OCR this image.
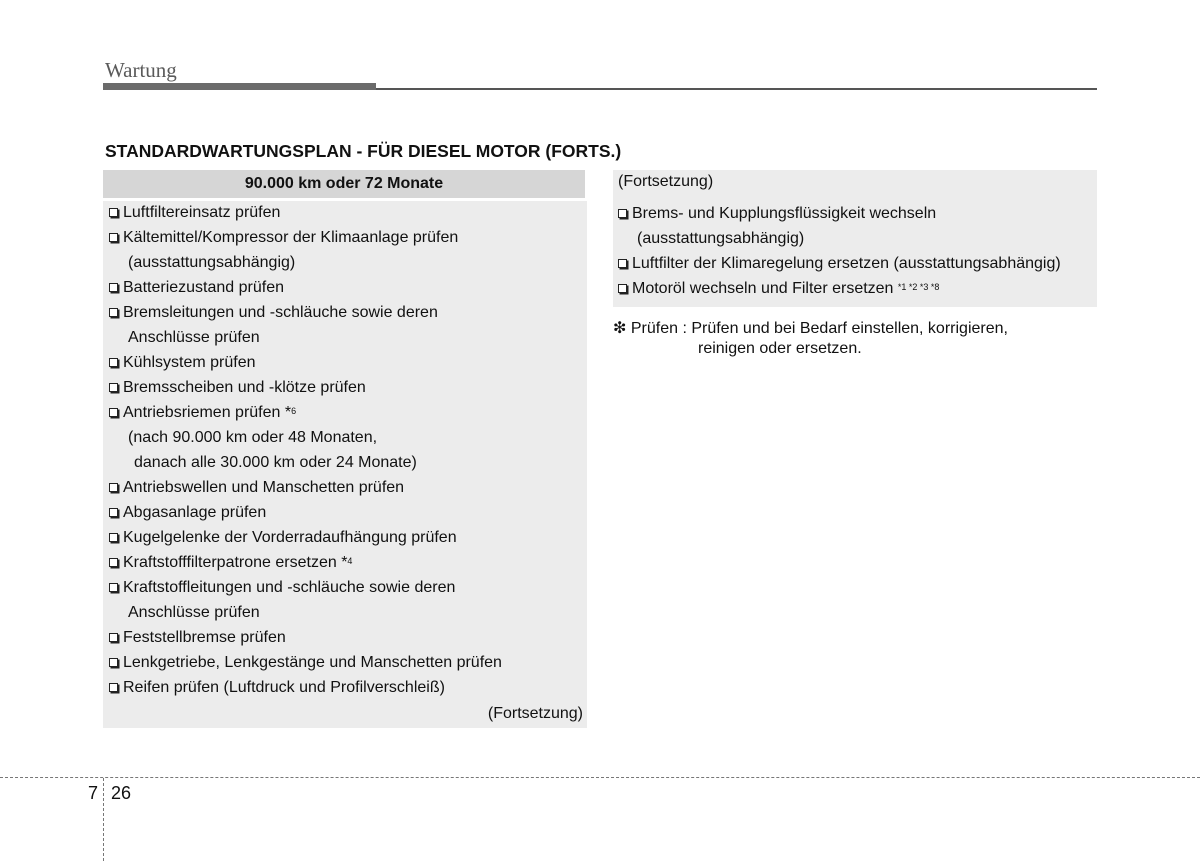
Wartung
STANDARDWARTUNGSPLAN - FÜR DIESEL MOTOR (FORTS.)
90.000 km oder 72 Monate
Luftfiltereinsatz prüfen
Kältemittel/Kompressor der Klimaanlage prüfen
(ausstattungsabhängig)
Batteriezustand prüfen
Bremsleitungen und -schläuche sowie deren
Anschlüsse prüfen
Kühlsystem prüfen
Bremsscheiben und -klötze prüfen
Antriebsriemen prüfen *$^6$
(nach 90.000 km oder 48 Monaten,
danach alle 30.000 km oder 24 Monate)
Antriebswellen und Manschetten prüfen
Abgasanlage prüfen
Kugelgelenke der Vorderradaufhängung prüfen
Kraftstofffilterpatrone ersetzen *$^4$
Kraftstoffleitungen und -schläuche sowie deren
Anschlüsse prüfen
Feststellbremse prüfen
Lenkgetriebe, Lenkgestänge und Manschetten prüfen
Reifen prüfen (Luftdruck und Profilverschleiß)
(Fortsetzung)
(Fortsetzung)
Brems- und Kupplungsflüssigkeit wechseln
(ausstattungsabhängig)
Luftfilter der Klimaregelung ersetzen (ausstattungsabhängig)
Motoröl wechseln und Filter ersetzen $^{*1 *2 *3 *8}$
❇ Prüfen : Prüfen und bei Bedarf einstellen, korrigieren,
reinigen oder ersetzen.
7 26
